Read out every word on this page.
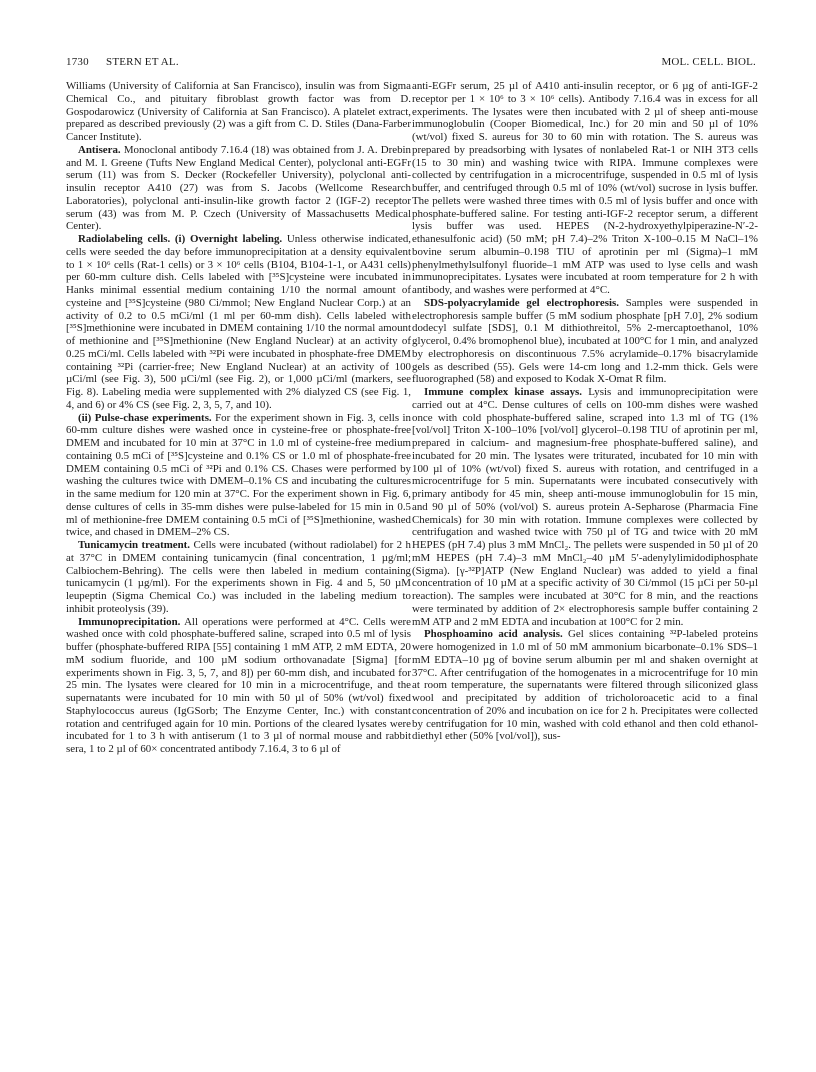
1730 STERN ET AL.	MOL. CELL. BIOL.

Williams (University of California at San Francisco), insulin was from Sigma Chemical Co., and pituitary fibroblast growth factor was from D. Gospodarowicz (University of California at San Francisco). A platelet extract, prepared as described previously (2) was a gift from C. D. Stiles (Dana-Farber Cancer Institute).

Antisera. Monoclonal antibody 7.16.4 (18) was obtained from J. A. Drebin and M. I. Greene (Tufts New England Medical Center), polyclonal anti-EGFr serum (11) was from S. Decker (Rockefeller University), polyclonal anti-insulin receptor A410 (27) was from S. Jacobs (Wellcome Research Laboratories), polyclonal anti-insulin-like growth factor 2 (IGF-2) receptor serum (43) was from M. P. Czech (University of Massachusetts Medical Center).

Radiolabeling cells. (i) Overnight labeling. Unless otherwise indicated, cells were seeded the day before immunoprecipitation at a density equivalent to 1 × 10⁶ cells (Rat-1 cells) or 3 × 10⁶ cells (B104, B104-1-1, or A431 cells) per 60-mm culture dish. Cells labeled with [³⁵S]cysteine were incubated in Hanks minimal essential medium containing 1/10 the normal amount of cysteine and [³⁵S]cysteine (980 Ci/mmol; New England Nuclear Corp.) at an activity of 0.2 to 0.5 mCi/ml (1 ml per 60-mm dish). Cells labeled with [³⁵S]methionine were incubated in DMEM containing 1/10 the normal amount of methionine and [³⁵S]methionine (New England Nuclear) at an activity of 0.25 mCi/ml. Cells labeled with ³²Pi were incubated in phosphate-free DMEM containing ³²Pi (carrier-free; New England Nuclear) at an activity of 100 µCi/ml (see Fig. 3), 500 µCi/ml (see Fig. 2), or 1,000 µCi/ml (markers, see Fig. 8). Labeling media were supplemented with 2% dialyzed CS (see Fig. 1, 4, and 6) or 4% CS (see Fig. 2, 3, 5, 7, and 10).

(ii) Pulse-chase experiments. For the experiment shown in Fig. 3, cells in 60-mm culture dishes were washed once in cysteine-free or phosphate-free DMEM and incubated for 10 min at 37°C in 1.0 ml of cysteine-free medium containing 0.5 mCi of [³⁵S]cysteine and 0.1% CS or 1.0 ml of phosphate-free DMEM containing 0.5 mCi of ³²Pi and 0.1% CS. Chases were performed by washing the cultures twice with DMEM–0.1% CS and incubating the cultures in the same medium for 120 min at 37°C. For the experiment shown in Fig. 6, dense cultures of cells in 35-mm dishes were pulse-labeled for 15 min in 0.5 ml of methionine-free DMEM containing 0.5 mCi of [³⁵S]methionine, washed twice, and chased in DMEM–2% CS.

Tunicamycin treatment. Cells were incubated (without radiolabel) for 2 h at 37°C in DMEM containing tunicamycin (final concentration, 1 µg/ml; Calbiochem-Behring). The cells were then labeled in medium containing tunicamycin (1 µg/ml). For the experiments shown in Fig. 4 and 5, 50 µM leupeptin (Sigma Chemical Co.) was included in the labeling medium to inhibit proteolysis (39).

Immunoprecipitation. All operations were performed at 4°C. Cells were washed once with cold phosphate-buffered saline, scraped into 0.5 ml of lysis buffer (phosphate-buffered RIPA [55] containing 1 mM ATP, 2 mM EDTA, 20 mM sodium fluoride, and 100 µM sodium orthovanadate [Sigma] [for experiments shown in Fig. 3, 5, 7, and 8]) per 60-mm dish, and incubated for 25 min. The lysates were cleared for 10 min in a microcentrifuge, and the supernatants were incubated for 10 min with 50 µl of 50% (wt/vol) fixed Staphylococcus aureus (IgGSorb; The Enzyme Center, Inc.) with constant rotation and centrifuged again for 10 min. Portions of the cleared lysates were incubated for 1 to 3 h with antiserum (1 to 3 µl of normal mouse and rabbit sera, 1 to 2 µl of 60× concentrated antibody 7.16.4, 3 to 6 µl of

anti-EGFr serum, 25 µl of A410 anti-insulin receptor, or 6 µg of anti-IGF-2 receptor per 1 × 10⁶ to 3 × 10⁶ cells). Antibody 7.16.4 was in excess for all experiments. The lysates were then incubated with 2 µl of sheep anti-mouse immunoglobulin (Cooper Biomedical, Inc.) for 20 min and 50 µl of 10% (wt/vol) fixed S. aureus for 30 to 60 min with rotation. The S. aureus was prepared by preadsorbing with lysates of nonlabeled Rat-1 or NIH 3T3 cells (15 to 30 min) and washing twice with RIPA. Immune complexes were collected by centrifugation in a microcentrifuge, suspended in 0.5 ml of lysis buffer, and centrifuged through 0.5 ml of 10% (wt/vol) sucrose in lysis buffer. The pellets were washed three times with 0.5 ml of lysis buffer and once with phosphate-buffered saline. For testing anti-IGF-2 receptor serum, a different lysis buffer was used. HEPES (N-2-hydroxyethylpiperazine-N′-2-ethanesulfonic acid) (50 mM; pH 7.4)–2% Triton X-100–0.15 M NaCl–1% bovine serum albumin–0.198 TIU of aprotinin per ml (Sigma)–1 mM phenylmethylsulfonyl fluoride–1 mM ATP was used to lyse cells and wash immunoprecipitates. Lysates were incubated at room temperature for 2 h with antibody, and washes were performed at 4°C.

SDS-polyacrylamide gel electrophoresis. Samples were suspended in electrophoresis sample buffer (5 mM sodium phosphate [pH 7.0], 2% sodium dodecyl sulfate [SDS], 0.1 M dithiothreitol, 5% 2-mercaptoethanol, 10% glycerol, 0.4% bromophenol blue), incubated at 100°C for 1 min, and analyzed by electrophoresis on discontinuous 7.5% acrylamide–0.17% bisacrylamide gels as described (55). Gels were 14-cm long and 1.2-mm thick. Gels were fluorographed (58) and exposed to Kodak X-Omat R film.

Immune complex kinase assays. Lysis and immunoprecipitation were carried out at 4°C. Dense cultures of cells on 100-mm dishes were washed once with cold phosphate-buffered saline, scraped into 1.3 ml of TG (1% [vol/vol] Triton X-100–10% [vol/vol] glycerol–0.198 TIU of aprotinin per ml, prepared in calcium- and magnesium-free phosphate-buffered saline), and incubated for 20 min. The lysates were triturated, incubated for 10 min with 100 µl of 10% (wt/vol) fixed S. aureus with rotation, and centrifuged in a microcentrifuge for 5 min. Supernatants were incubated consecutively with primary antibody for 45 min, sheep anti-mouse immunoglobulin for 15 min, and 90 µl of 50% (vol/vol) S. aureus protein A-Sepharose (Pharmacia Fine Chemicals) for 30 min with rotation. Immune complexes were collected by centrifugation and washed twice with 750 µl of TG and twice with 20 mM HEPES (pH 7.4) plus 3 mM MnCl₂. The pellets were suspended in 50 µl of 20 mM HEPES (pH 7.4)–3 mM MnCl₂–40 µM 5′-adenylylimidodiphosphate (Sigma). [γ-³²P]ATP (New England Nuclear) was added to yield a final concentration of 10 µM at a specific activity of 30 Ci/mmol (15 µCi per 50-µl reaction). The samples were incubated at 30°C for 8 min, and the reactions were terminated by addition of 2× electrophoresis sample buffer containing 2 mM ATP and 2 mM EDTA and incubation at 100°C for 2 min.

Phosphoamino acid analysis. Gel slices containing ³²P-labeled proteins were homogenized in 1.0 ml of 50 mM ammonium bicarbonate–0.1% SDS–1 mM EDTA–10 µg of bovine serum albumin per ml and shaken overnight at 37°C. After centrifugation of the homogenates in a microcentrifuge for 10 min at room temperature, the supernatants were filtered through siliconized glass wool and precipitated by addition of tricholoroacetic acid to a final concentration of 20% and incubation on ice for 2 h. Precipitates were collected by centrifugation for 10 min, washed with cold ethanol and then cold ethanol-diethyl ether (50% [vol/vol]), sus-
